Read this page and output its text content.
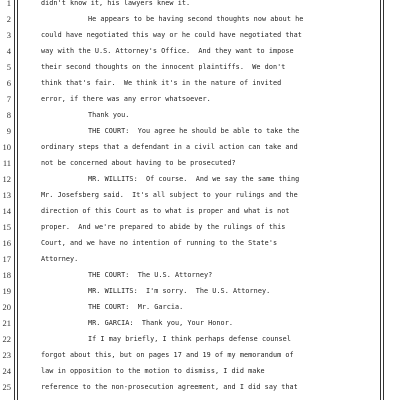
1	didn't know it, his lawyers knew it.
2	He appears to be having second thoughts now about he
3	could have negotiated this way or he could have negotiated that
4	way with the U.S. Attorney's Office.  And they want to impose
5	their second thoughts on the innocent plaintiffs.  We don't
6	think that's fair.  We think it's in the nature of invited
7	error, if there was any error whatsoever.
8	Thank you.
9	THE COURT:  You agree he should be able to take the
10	ordinary steps that a defendant in a civil action can take and
11	not be concerned about having to be prosecuted?
12	MR. WILLITS:  Of course.  And we say the same thing
13	Mr. Josefsberg said.  It's all subject to your rulings and the
14	direction of this Court as to what is proper and what is not
15	proper.  And we're prepared to abide by the rulings of this
16	Court, and we have no intention of running to the State's
17	Attorney.
18	THE COURT:  The U.S. Attorney?
19	MR. WILLITS:  I'm sorry.  The U.S. Attorney.
20	THE COURT:  Mr. Garcia.
21	MR. GARCIA:  Thank you, Your Honor.
22	If I may briefly, I think perhaps defense counsel
23	forgot about this, but on pages 17 and 19 of my memorandum of
24	law in opposition to the motion to dismiss, I did make
25	reference to the non-prosecution agreement, and I did say that
